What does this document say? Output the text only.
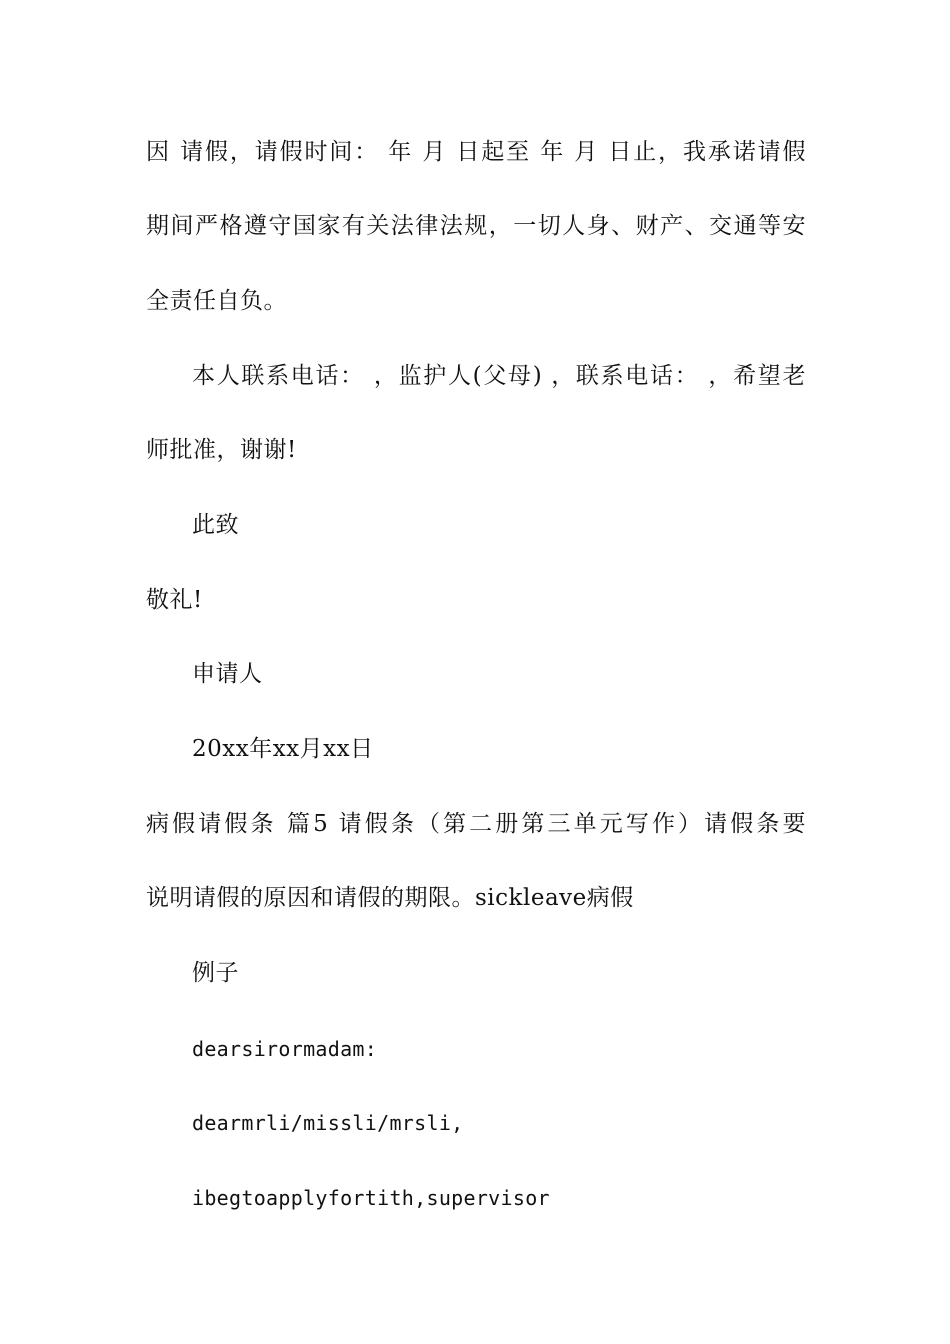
因 请假，请假时间： 年 月 日起至 年 月 日止，我承诺请假
期间严格遵守国家有关法律法规，一切人身、财产、交通等安
全责任自负。
本人联系电话： ，监护人(父母) ，联系电话： ，希望老
师批准，谢谢!
此致
敬礼!
申请人
20xx年xx月xx日
病假请假条 篇5 请假条（第二册第三单元写作）请假条要
说明请假的原因和请假的期限。sickleave病假
例子
dearsirormadam:
dearmrli/missli/mrsli,
ibegtoapplyfortith,supervisor
